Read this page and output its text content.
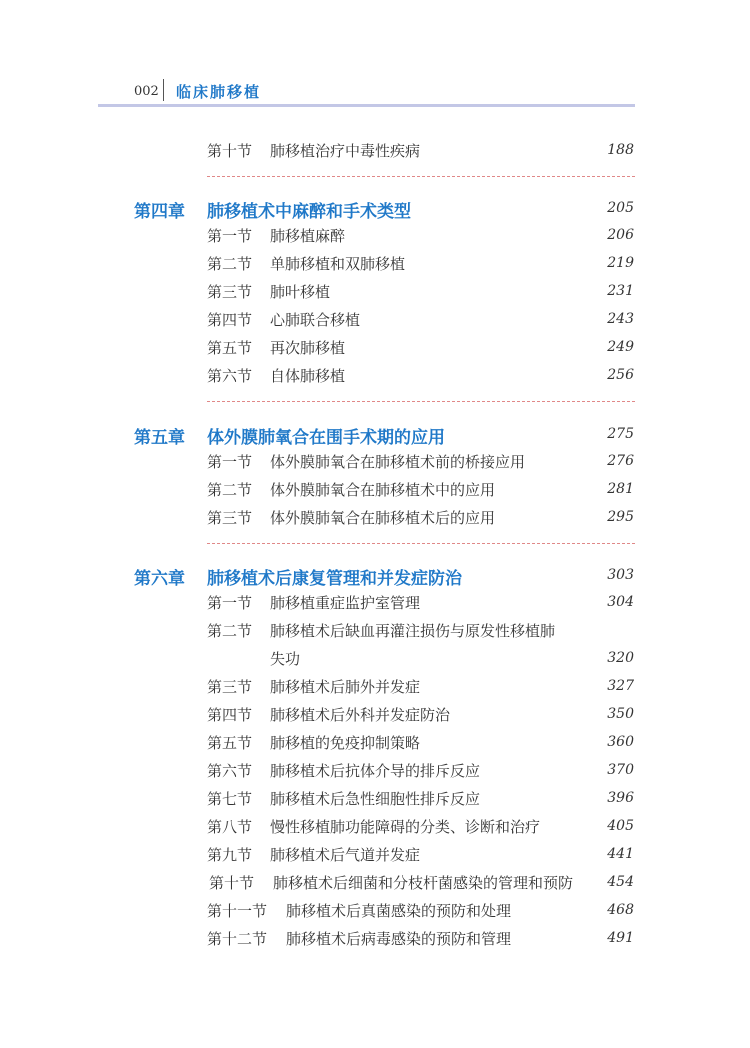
002 临床肺移植
第十节 肺移植治疗中毒性疾病	188
第四章 肺移植术中麻醉和手术类型	205
第一节 肺移植麻醉	206
第二节 单肺移植和双肺移植	219
第三节 肺叶移植	231
第四节 心肺联合移植	243
第五节 再次肺移植	249
第六节 自体肺移植	256
第五章 体外膜肺氧合在围手术期的应用	275
第一节 体外膜肺氧合在肺移植术前的桥接应用	276
第二节 体外膜肺氧合在肺移植术中的应用	281
第三节 体外膜肺氧合在肺移植术后的应用	295
第六章 肺移植术后康复管理和并发症防治	303
第一节 肺移植重症监护室管理	304
第二节 肺移植术后缺血再灌注损伤与原发性移植肺
失功	320
第三节 肺移植术后肺外并发症	327
第四节 肺移植术后外科并发症防治	350
第五节 肺移植的免疫抑制策略	360
第六节 肺移植术后抗体介导的排斥反应	370
第七节 肺移植术后急性细胞性排斥反应	396
第八节 慢性移植肺功能障碍的分类、诊断和治疗	405
第九节 肺移植术后气道并发症	441
第十节 肺移植术后细菌和分枝杆菌感染的管理和预防 454
第十一节 肺移植术后真菌感染的预防和处理	468
第十二节 肺移植术后病毒感染的预防和管理	491
